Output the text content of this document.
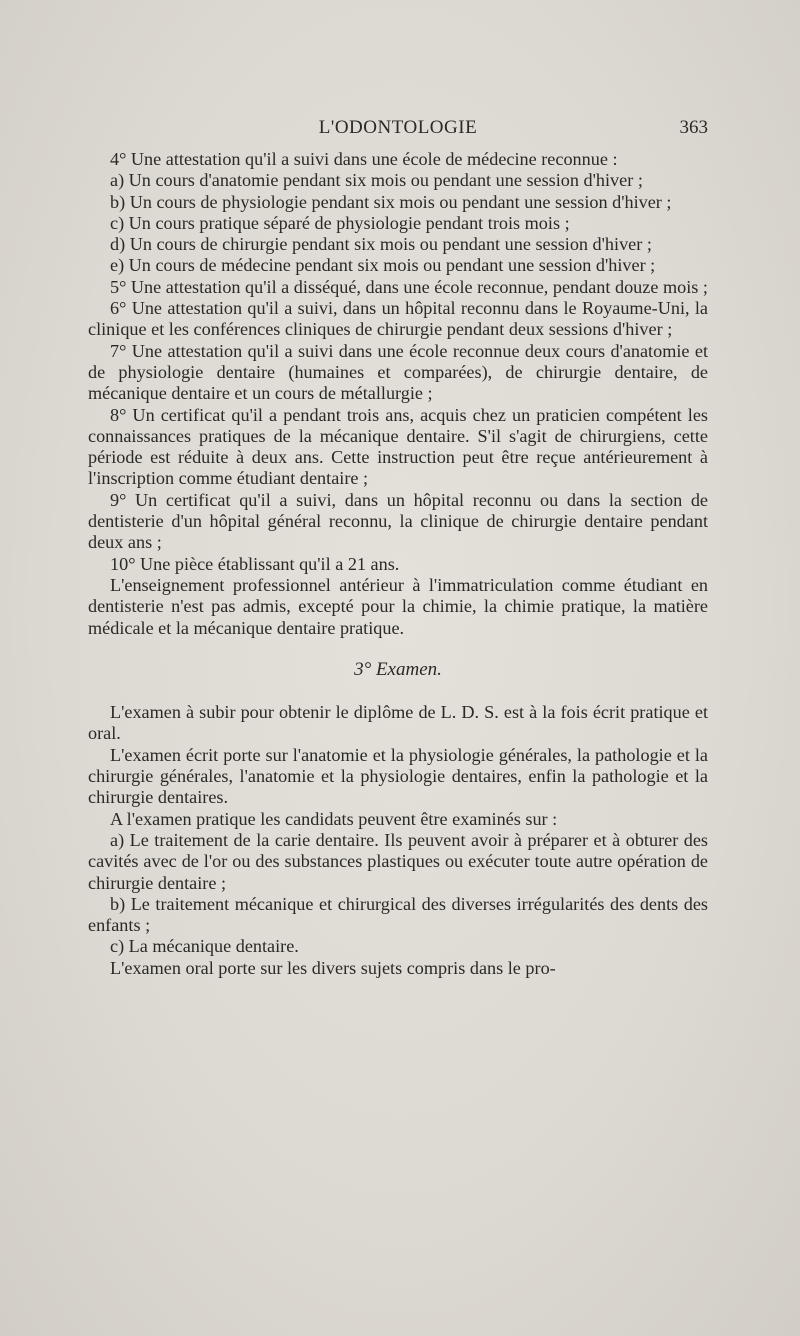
L'ODONTOLOGIE	363

4° Une attestation qu'il a suivi dans une école de médecine reconnue :

a) Un cours d'anatomie pendant six mois ou pendant une session d'hiver ;

b) Un cours de physiologie pendant six mois ou pendant une session d'hiver ;

c) Un cours pratique séparé de physiologie pendant trois mois ;

d) Un cours de chirurgie pendant six mois ou pendant une session d'hiver ;

e) Un cours de médecine pendant six mois ou pendant une session d'hiver ;

5° Une attestation qu'il a disséqué, dans une école reconnue, pendant douze mois ;

6° Une attestation qu'il a suivi, dans un hôpital reconnu dans le Royaume-Uni, la clinique et les conférences cliniques de chirurgie pendant deux sessions d'hiver ;

7° Une attestation qu'il a suivi dans une école reconnue deux cours d'anatomie et de physiologie dentaire (humaines et comparées), de chirurgie dentaire, de mécanique dentaire et un cours de métallurgie ;

8° Un certificat qu'il a pendant trois ans, acquis chez un praticien compétent les connaissances pratiques de la mécanique dentaire. S'il s'agit de chirurgiens, cette période est réduite à deux ans. Cette instruction peut être reçue antérieurement à l'inscription comme étudiant dentaire ;

9° Un certificat qu'il a suivi, dans un hôpital reconnu ou dans la section de dentisterie d'un hôpital général reconnu, la clinique de chirurgie dentaire pendant deux ans ;

10° Une pièce établissant qu'il a 21 ans.

L'enseignement professionnel antérieur à l'immatriculation comme étudiant en dentisterie n'est pas admis, excepté pour la chimie, la chimie pratique, la matière médicale et la mécanique dentaire pratique.

3° Examen.

L'examen à subir pour obtenir le diplôme de L. D. S. est à la fois écrit pratique et oral.

L'examen écrit porte sur l'anatomie et la physiologie générales, la pathologie et la chirurgie générales, l'anatomie et la physiologie dentaires, enfin la pathologie et la chirurgie dentaires.

A l'examen pratique les candidats peuvent être examinés sur :

a) Le traitement de la carie dentaire. Ils peuvent avoir à préparer et à obturer des cavités avec de l'or ou des substances plastiques ou exécuter toute autre opération de chirurgie dentaire ;

b) Le traitement mécanique et chirurgical des diverses irrégularités des dents des enfants ;

c) La mécanique dentaire.

L'examen oral porte sur les divers sujets compris dans le pro-
